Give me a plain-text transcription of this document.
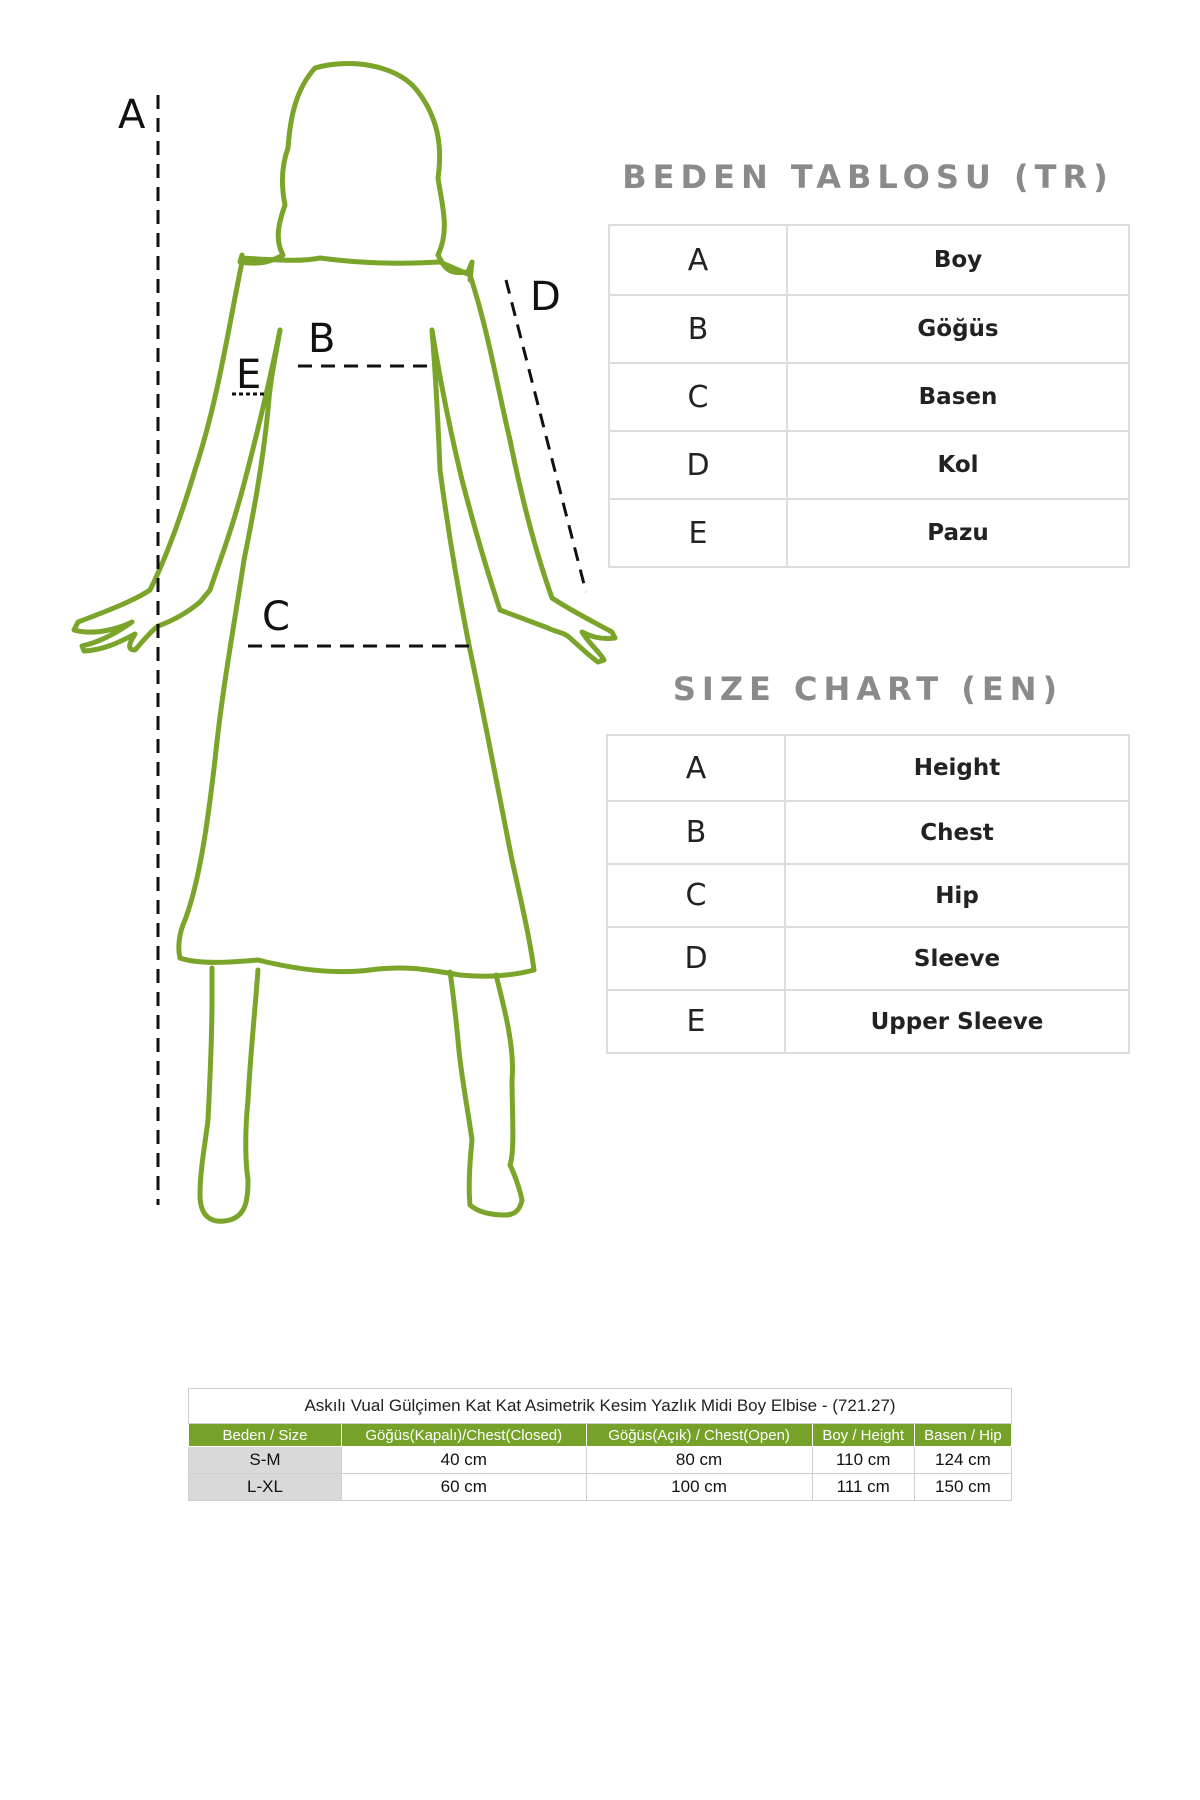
A
B
C
D
E
BEDEN TABLOSU (TR)
A	Boy
B	Göğüs
C	Basen
D	Kol
E	Pazu
SIZE CHART (EN)
A	Height
B	Chest
C	Hip
D	Sleeve
E	Upper Sleeve
Askılı Vual Gülçimen Kat Kat Asimetrik Kesim Yazlık Midi Boy Elbise - (721.27)				
Beden / Size	Göğüs(Kapalı)/Chest(Closed)	Göğüs(Açık) / Chest(Open)	Boy / Height	Basen / Hip
S-M	40 cm	80 cm	110 cm	124 cm
L-XL	60 cm	100 cm	111 cm	150 cm
